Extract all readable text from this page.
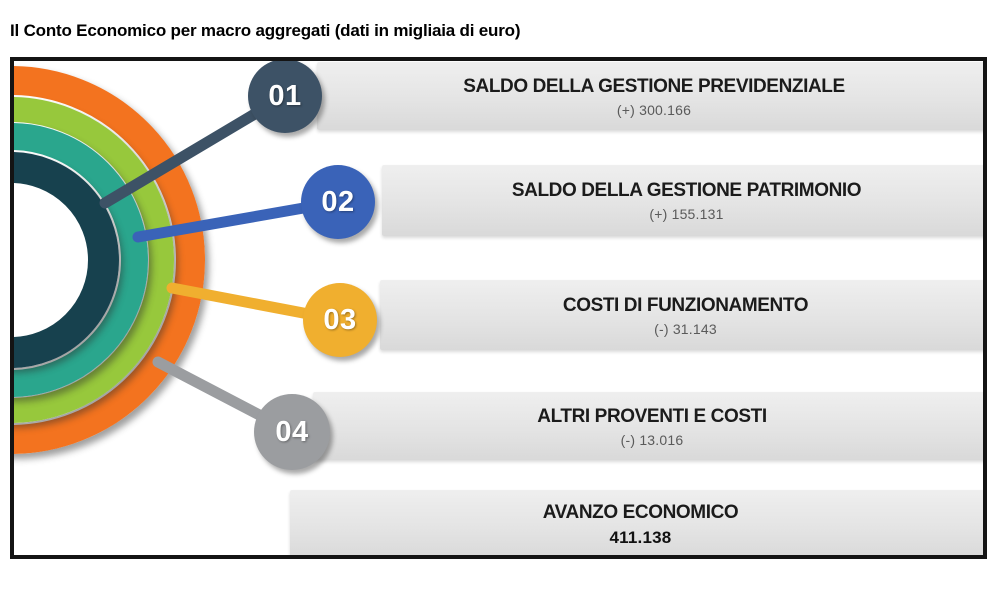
Il Conto Economico per macro aggregati (dati in migliaia di euro)
01
02
03
04
SALDO DELLA GESTIONE PREVIDENZIALE
(+) 300.166
SALDO DELLA GESTIONE PATRIMONIO
(+) 155.131
COSTI DI FUNZIONAMENTO
(-) 31.143
ALTRI PROVENTI E COSTI
(-) 13.016
AVANZO ECONOMICO
411.138
